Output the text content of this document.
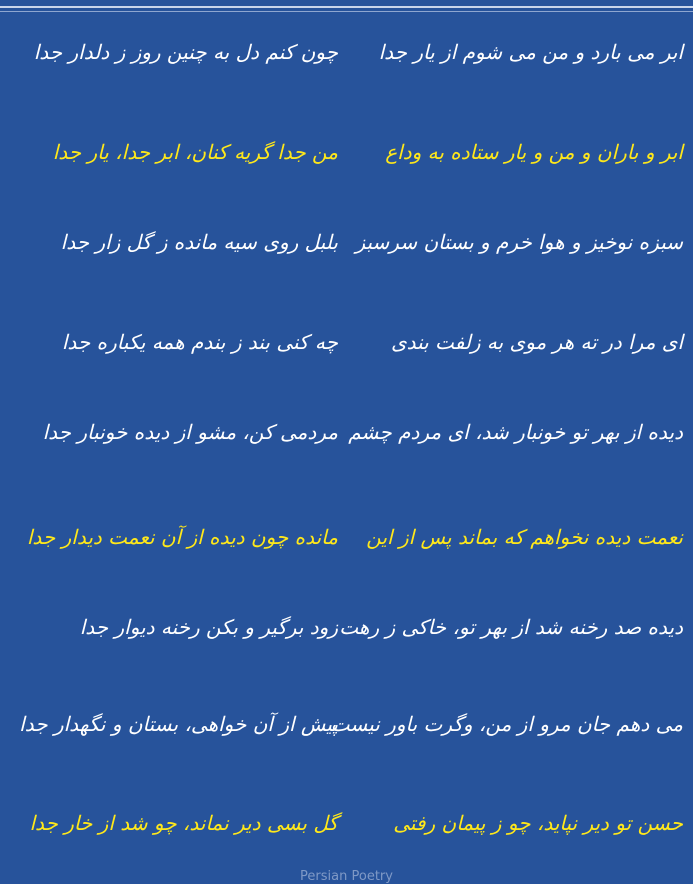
ابر می بارد و من می شوم از یار جدا
چون کنم دل به چنین روز ز دلدار جدا
ابر و باران و من و یار ستاده به وداع
من جدا گریه کنان، ابر جدا، یار جدا
سبزه نوخیز و هوا خرم و بستان سرسبز
بلبل روی سیه مانده ز گل زار جدا
ای مرا در ته هر موی به زلفت بندی
چه کنی بند ز بندم همه یکباره جدا
دیده از بهر تو خونبار شد، ای مردم چشم
مردمی کن، مشو از دیده خونبار جدا
نعمت دیده نخواهم که بماند پس از این
مانده چون دیده از آن نعمت دیدار جدا
دیده صد رخنه شد از بهر تو، خاکی ز رهت
زود برگیر و بکن رخنه دیوار جدا
می دهم جان مرو از من، وگرت باور نیست
پیش از آن خواهی، بستان و نگهدار جدا
حسن تو دیر نپاید، چو ز پیمان رفتی
گل بسی دیر نماند، چو شد از خار جدا
Persian Poetry
